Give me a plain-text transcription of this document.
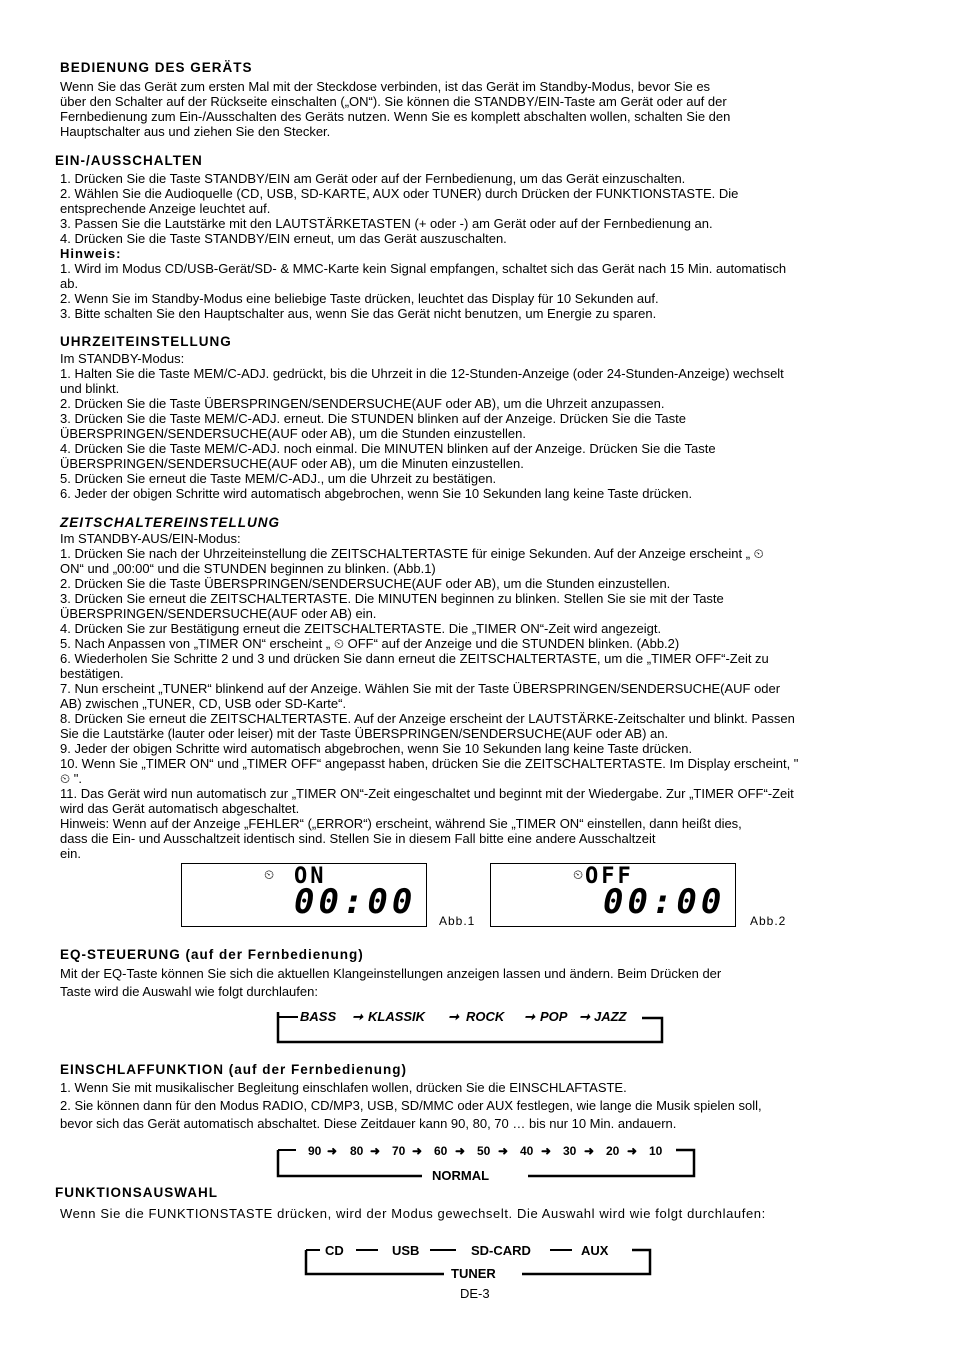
BEDIENUNG DES GERÄTS
Wenn Sie das Gerät zum ersten Mal mit der Steckdose verbinden, ist das Gerät im Standby-Modus, bevor Sie es
über den Schalter auf der Rückseite einschalten („ON“). Sie können die STANDBY/EIN-Taste am Gerät oder auf der
Fernbedienung zum Ein-/Ausschalten des Geräts nutzen. Wenn Sie es komplett abschalten wollen, schalten Sie den
Hauptschalter aus und ziehen Sie den Stecker.
EIN-/AUSSCHALTEN
1. Drücken Sie die Taste STANDBY/EIN am Gerät oder auf der Fernbedienung, um das Gerät einzuschalten.
2. Wählen Sie die Audioquelle (CD, USB, SD-KARTE, AUX oder TUNER) durch Drücken der FUNKTIONSTASTE. Die
entsprechende Anzeige leuchtet auf.
3. Passen Sie die Lautstärke mit den LAUTSTÄRKETASTEN (+ oder -) am Gerät oder auf der Fernbedienung an.
4. Drücken Sie die Taste STANDBY/EIN erneut, um das Gerät auszuschalten.
Hinweis:
1. Wird im Modus CD/USB-Gerät/SD- & MMC-Karte kein Signal empfangen, schaltet sich das Gerät nach 15 Min. automatisch
ab.
2. Wenn Sie im Standby-Modus eine beliebige Taste drücken, leuchtet das Display für 10 Sekunden auf.
3. Bitte schalten Sie den Hauptschalter aus, wenn Sie das Gerät nicht benutzen, um Energie zu sparen.
UHRZEITEINSTELLUNG
Im STANDBY-Modus:
1. Halten Sie die Taste MEM/C-ADJ. gedrückt, bis die Uhrzeit in die 12-Stunden-Anzeige (oder 24-Stunden-Anzeige) wechselt
und blinkt.
2. Drücken Sie die Taste ÜBERSPRINGEN/SENDERSUCHE(AUF oder AB), um die Uhrzeit anzupassen.
3. Drücken Sie die Taste MEM/C-ADJ. erneut. Die STUNDEN blinken auf der Anzeige. Drücken Sie die Taste
ÜBERSPRINGEN/SENDERSUCHE(AUF oder AB), um die Stunden einzustellen.
4. Drücken Sie die Taste MEM/C-ADJ. noch einmal. Die MINUTEN blinken auf der Anzeige. Drücken Sie die Taste
ÜBERSPRINGEN/SENDERSUCHE(AUF oder AB), um die Minuten einzustellen.
5. Drücken Sie erneut die Taste MEM/C-ADJ., um die Uhrzeit zu bestätigen.
6. Jeder der obigen Schritte wird automatisch abgebrochen, wenn Sie 10 Sekunden lang keine Taste drücken.
ZEITSCHALTEREINSTELLUNG
Im STANDBY-AUS/EIN-Modus:
1. Drücken Sie nach der Uhrzeiteinstellung die ZEITSCHALTERTASTE für einige Sekunden. Auf der Anzeige erscheint „ ⏲
ON“ und „00:00“ und die STUNDEN beginnen zu blinken. (Abb.1)
2. Drücken Sie die Taste ÜBERSPRINGEN/SENDERSUCHE(AUF oder AB), um die Stunden einzustellen.
3. Drücken Sie erneut die ZEITSCHALTERTASTE. Die MINUTEN beginnen zu blinken. Stellen Sie sie mit der Taste
ÜBERSPRINGEN/SENDERSUCHE(AUF oder AB) ein.
4. Drücken Sie zur Bestätigung erneut die ZEITSCHALTERTASTE. Die „TIMER ON“-Zeit wird angezeigt.
5. Nach Anpassen von „TIMER ON“ erscheint „ ⏲ OFF“ auf der Anzeige und die STUNDEN blinken. (Abb.2)
6. Wiederholen Sie Schritte 2 und 3 und drücken Sie dann erneut die ZEITSCHALTERTASTE, um die „TIMER OFF“-Zeit zu
bestätigen.
7. Nun erscheint „TUNER“ blinkend auf der Anzeige. Wählen Sie mit der Taste ÜBERSPRINGEN/SENDERSUCHE(AUF oder
AB) zwischen „TUNER, CD, USB oder SD-Karte“.
8. Drücken Sie erneut die ZEITSCHALTERTASTE. Auf der Anzeige erscheint der LAUTSTÄRKE-Zeitschalter und blinkt. Passen
Sie die Lautstärke (lauter oder leiser) mit der Taste ÜBERSPRINGEN/SENDERSUCHE(AUF oder AB) an.
9. Jeder der obigen Schritte wird automatisch abgebrochen, wenn Sie 10 Sekunden lang keine Taste drücken.
10. Wenn Sie „TIMER ON“ und „TIMER OFF“ angepasst haben, drücken Sie die ZEITSCHALTERTASTE. Im Display erscheint, "
⏲ ".
11. Das Gerät wird nun automatisch zur „TIMER ON“-Zeit eingeschaltet und beginnt mit der Wiedergabe. Zur „TIMER OFF“-Zeit
wird das Gerät automatisch abgeschaltet.
Hinweis: Wenn auf der Anzeige „FEHLER“ („ERROR“) erscheint, während Sie „TIMER ON“ einstellen, dann heißt dies,
dass die Ein- und Ausschaltzeit identisch sind. Stellen Sie in diesem Fall bitte eine andere Ausschaltzeit
ein.
⏲ ON
00:00 Abb.1
⏲ OFF
00:00 Abb.2
EQ-STEUERUNG (auf der Fernbedienung)
Mit der EQ-Taste können Sie sich die aktuellen Klangeinstellungen anzeigen lassen und ändern. Beim Drücken der
Taste wird die Auswahl wie folgt durchlaufen:
BASS ➞ KLASSIK ➞ ROCK ➞ POP ➞ JAZZ
EINSCHLAFFUNKTION (auf der Fernbedienung)
1. Wenn Sie mit musikalischer Begleitung einschlafen wollen, drücken Sie die EINSCHLAFTASTE.
2. Sie können dann für den Modus RADIO, CD/MP3, USB, SD/MMC oder AUX festlegen, wie lange die Musik spielen soll,
bevor sich das Gerät automatisch abschaltet. Diese Zeitdauer kann 90, 80, 70 … bis nur 10 Min. andauern.
90 ➜ 80 ➜ 70 ➜ 60 ➜ 50 ➜ 40 ➜ 30 ➜ 20 ➜ 10
NORMAL
FUNKTIONSAUSWAHL
Wenn Sie die FUNKTIONSTASTE drücken, wird der Modus gewechselt. Die Auswahl wird wie folgt durchlaufen:
CD	USB	SD-CARD	AUX
TUNER
DE-3
